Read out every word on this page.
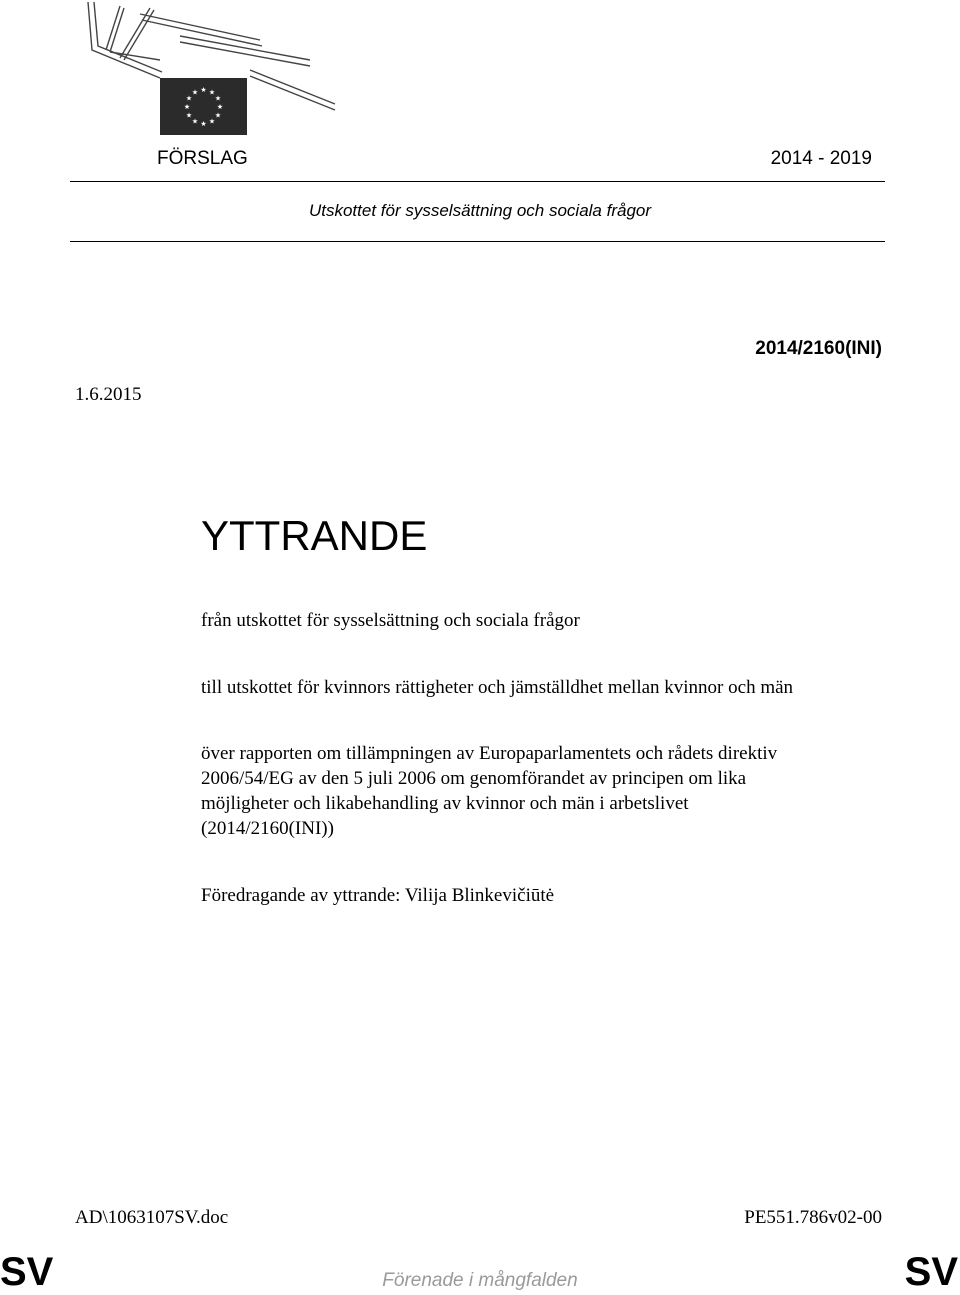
★ ★
★
★
★
★
★
★
★
★
★
★
FÖRSLAG	2014 - 2019
Utskottet för sysselsättning och sociala frågor
2014/2160(INI)
1.6.2015
YTTRANDE
från utskottet för sysselsättning och sociala frågor
till utskottet för kvinnors rättigheter och jämställdhet mellan kvinnor och män
över rapporten om tillämpningen av Europaparlamentets och rådets direktiv
2006/54/EG av den 5 juli 2006 om genomförandet av principen om lika
möjligheter och likabehandling av kvinnor och män i arbetslivet
(2014/2160(INI))
Föredragande av yttrande: Vilija Blinkevičiūtė
AD\1063107SV.doc	PE551.786v02-00
Förenade i mångfalden
SV	SV
